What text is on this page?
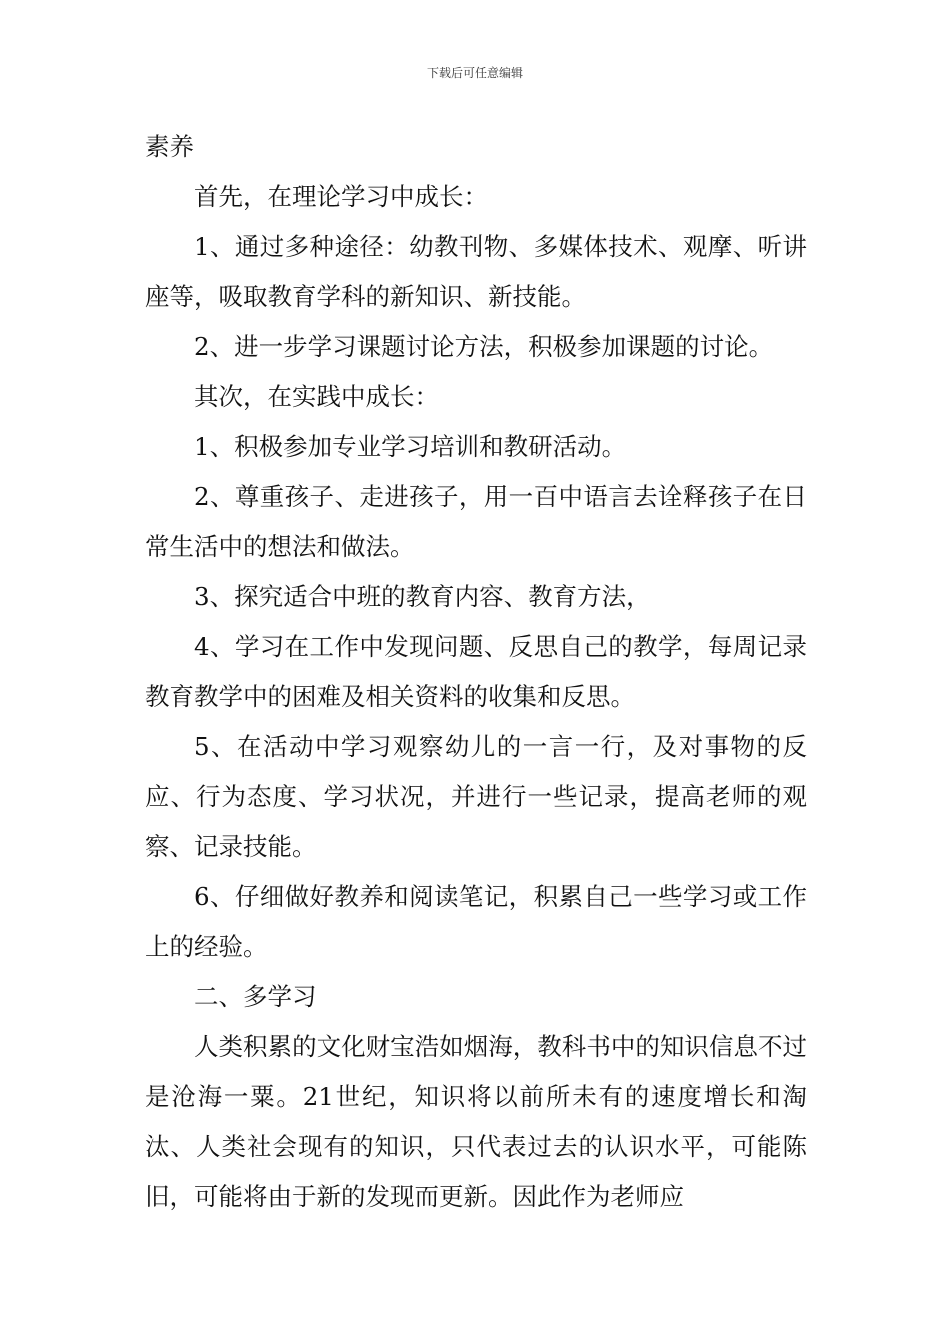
下载后可任意编辑

素养

首先，在理论学习中成长：

1、通过多种途径：幼教刊物、多媒体技术、观摩、听讲座等，吸取教育学科的新知识、新技能。

2、进一步学习课题讨论方法，积极参加课题的讨论。

其次，在实践中成长：

1、积极参加专业学习培训和教研活动。

2、尊重孩子、走进孩子，用一百中语言去诠释孩子在日常生活中的想法和做法。

3、探究适合中班的教育内容、教育方法，

4、学习在工作中发现问题、反思自己的教学，每周记录教育教学中的困难及相关资料的收集和反思。

5、在活动中学习观察幼儿的一言一行，及对事物的反应、行为态度、学习状况，并进行一些记录，提高老师的观察、记录技能。

6、仔细做好教养和阅读笔记，积累自己一些学习或工作上的经验。

二、多学习

人类积累的文化财宝浩如烟海，教科书中的知识信息不过是沧海一粟。21世纪，知识将以前所未有的速度增长和淘汰、人类社会现有的知识，只代表过去的认识水平，可能陈旧，可能将由于新的发现而更新。因此作为老师应
